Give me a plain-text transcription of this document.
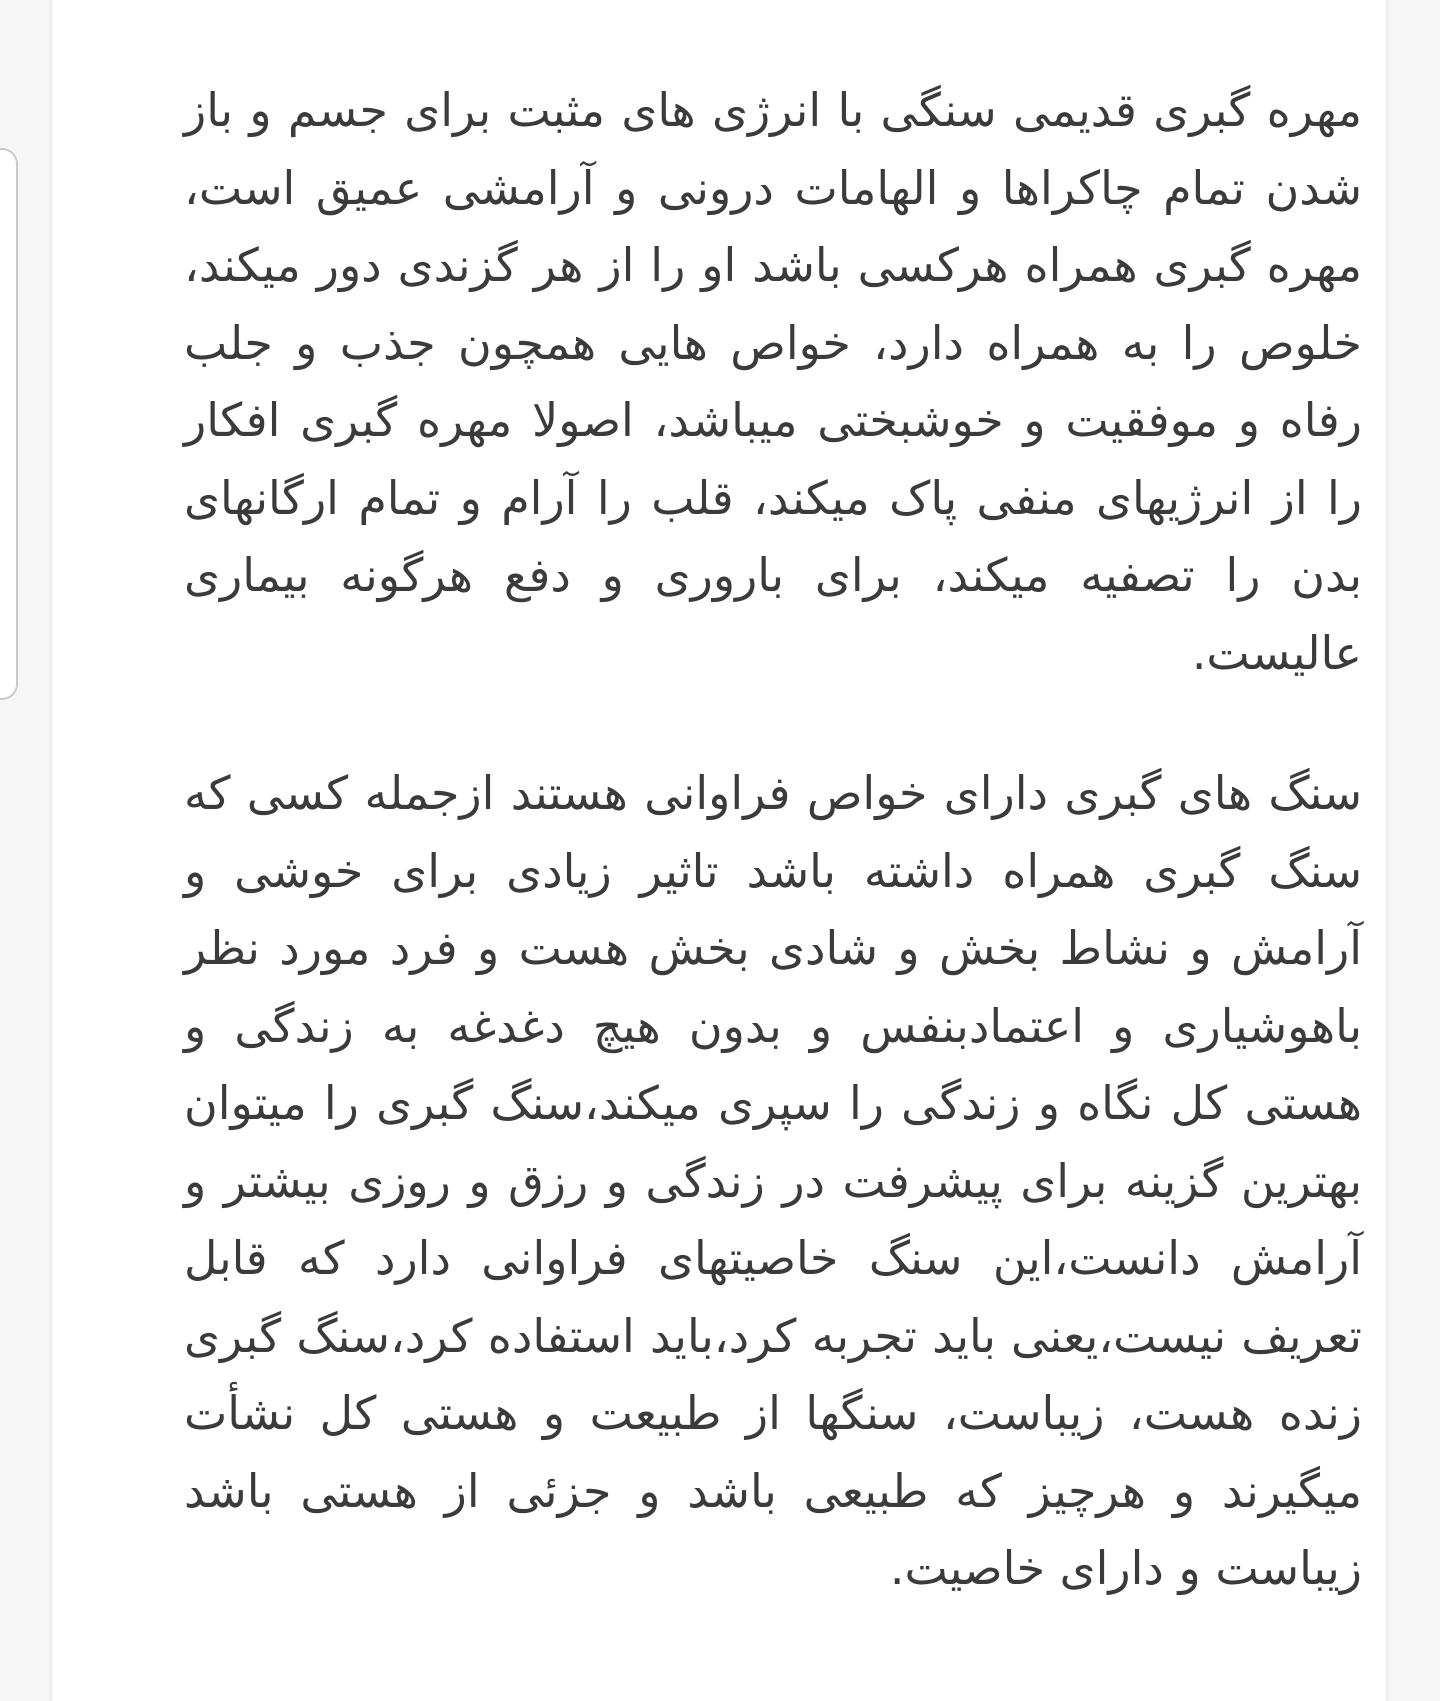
مهره گبری قدیمی سنگی با انرژی های مثبت برای جسم و باز شدن تمام چاکراها و الهامات درونی و آرامشی عمیق است، مهره گبری همراه هرکسی باشد او را از هر گزندی دور میکند، خلوص را به همراه دارد، خواص هایی همچون جذب و جلب رفاه و موفقیت و خوشبختی میباشد، اصولا مهره گبری افکار را از انرژیهای منفی پاک میکند، قلب را آرام و تمام ارگانهای بدن را تصفیه میکند، برای باروری و دفع هرگونه بیماری عالیست.

سنگ های گبری دارای خواص فراوانی هستند ازجمله کسی که سنگ گبری همراه داشته باشد تاثیر زیادی برای خوشی و آرامش و نشاط بخش و شادی بخش هست و فرد مورد نظر باهوشیاری و اعتمادبنفس و بدون هیچ دغدغه به زندگی و هستی کل نگاه و زندگی را سپری میکند،سنگ گبری را میتوان بهترین گزینه برای پیشرفت در زندگی و رزق و روزی بیشتر و آرامش دانست،این سنگ خاصیتهای فراوانی دارد که قابل تعریف نیست،یعنی باید تجربه کرد،باید استفاده کرد،سنگ گبری زنده هست، زیباست، سنگها از طبیعت و هستی کل نشأت میگیرند و هرچیز که طبیعی باشد و جزئی از هستی باشد زیباست و دارای خاصیت.
